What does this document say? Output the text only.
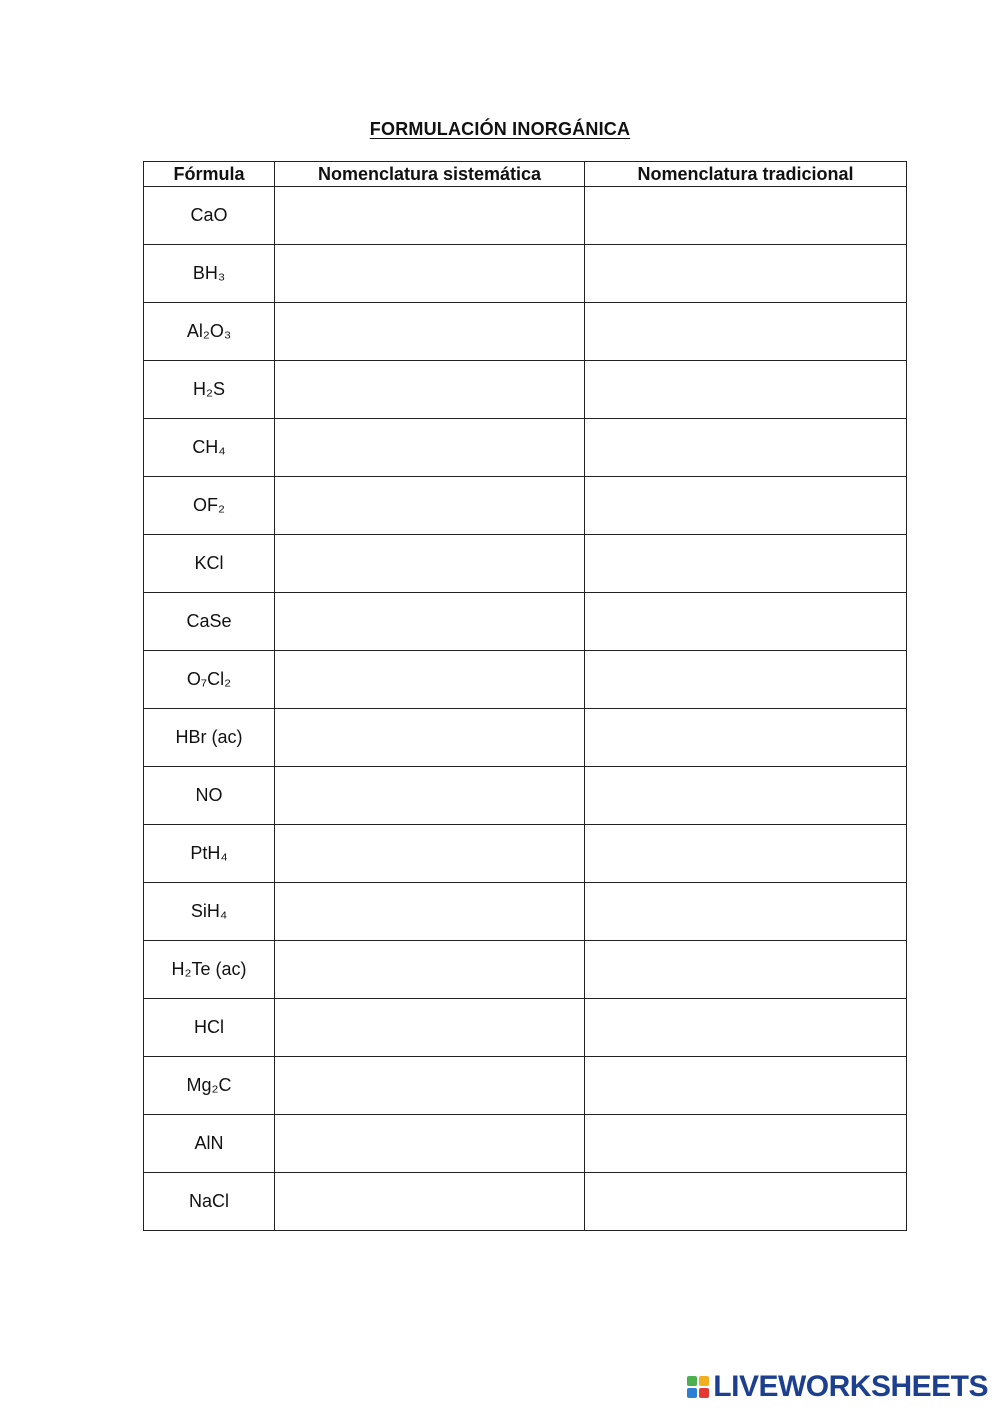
FORMULACIÓN INORGÁNICA
Fórmula	Nomenclatura sistemática	Nomenclatura tradicional
CaO		
BH₃		
Al₂O₃		
H₂S		
CH₄		
OF₂		
KCl		
CaSe		
O₇Cl₂		
HBr (ac)		
NO		
PtH₄		
SiH₄		
H₂Te (ac)		
HCl		
Mg₂C		
AlN		
NaCl		
LIVEWORKSHEETS
